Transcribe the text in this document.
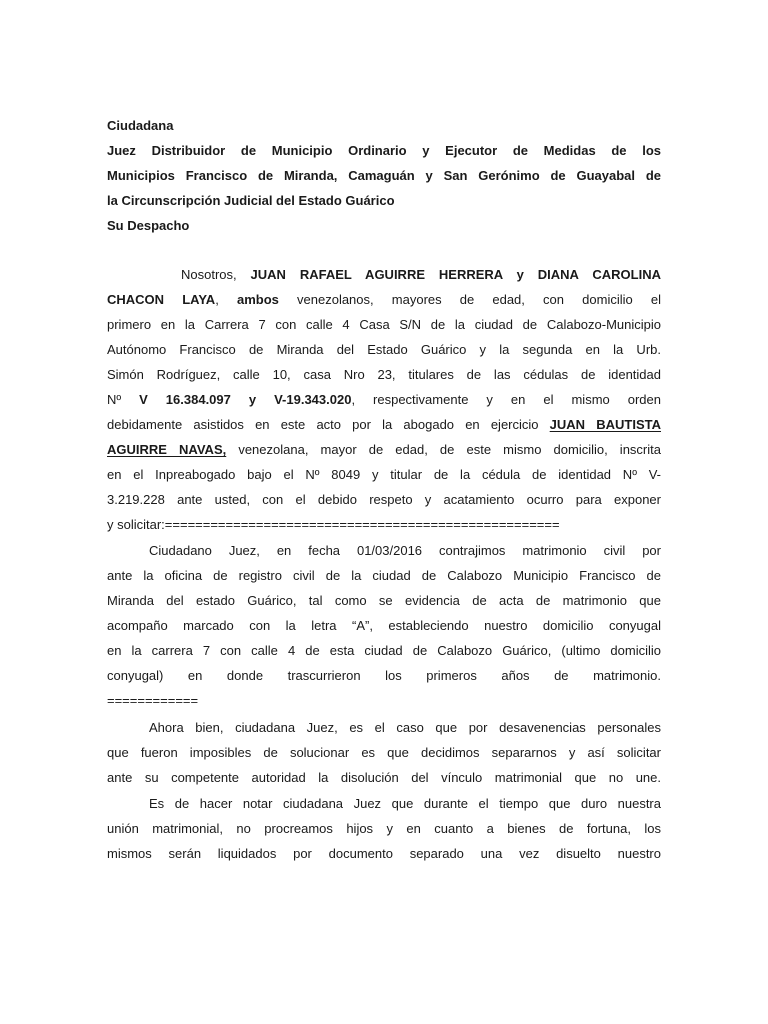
Ciudadana
Juez Distribuidor de Municipio Ordinario y Ejecutor de Medidas de los
Municipios Francisco de Miranda, Camaguán y San Gerónimo de Guayabal de
la Circunscripción Judicial del Estado Guárico
Su Despacho
Nosotros, JUAN RAFAEL AGUIRRE HERRERA y DIANA CAROLINA
CHACON LAYA, ambos venezolanos, mayores de edad, con domicilio el
primero en la Carrera 7 con calle 4 Casa S/N de la ciudad de Calabozo-Municipio
Autónomo Francisco de Miranda del Estado Guárico y la segunda en la Urb.
Simón Rodríguez, calle 10, casa Nro 23, titulares de las cédulas de identidad
Nº V 16.384.097 y V-19.343.020, respectivamente y en el mismo orden
debidamente asistidos en este acto por la abogado en ejercicio JUAN BAUTISTA
AGUIRRE NAVAS, venezolana, mayor de edad, de este mismo domicilio, inscrita
en el Inpreabogado bajo el Nº 8049 y titular de la cédula de identidad Nº V-
3.219.228 ante usted, con el debido respeto y acatamiento ocurro para exponer
y solicitar:====================================================
Ciudadano Juez, en fecha 01/03/2016 contrajimos matrimonio civil por
ante la oficina de registro civil de la ciudad de Calabozo Municipio Francisco de
Miranda del estado Guárico, tal como se evidencia de acta de matrimonio que
acompaño marcado con la letra “A”, estableciendo nuestro domicilio conyugal
en la carrera 7 con calle 4 de esta ciudad de Calabozo Guárico, (ultimo domicilio
conyugal) en donde trascurrieron los primeros años de matrimonio.
============
Ahora bien, ciudadana Juez, es el caso que por desavenencias personales
que fueron imposibles de solucionar es que decidimos separarnos y así solicitar
ante su competente autoridad la disolución del vínculo matrimonial que no une.
Es de hacer notar ciudadana Juez que durante el tiempo que duro nuestra
unión matrimonial, no procreamos hijos y en cuanto a bienes de fortuna, los
mismos serán liquidados por documento separado una vez disuelto nuestro
